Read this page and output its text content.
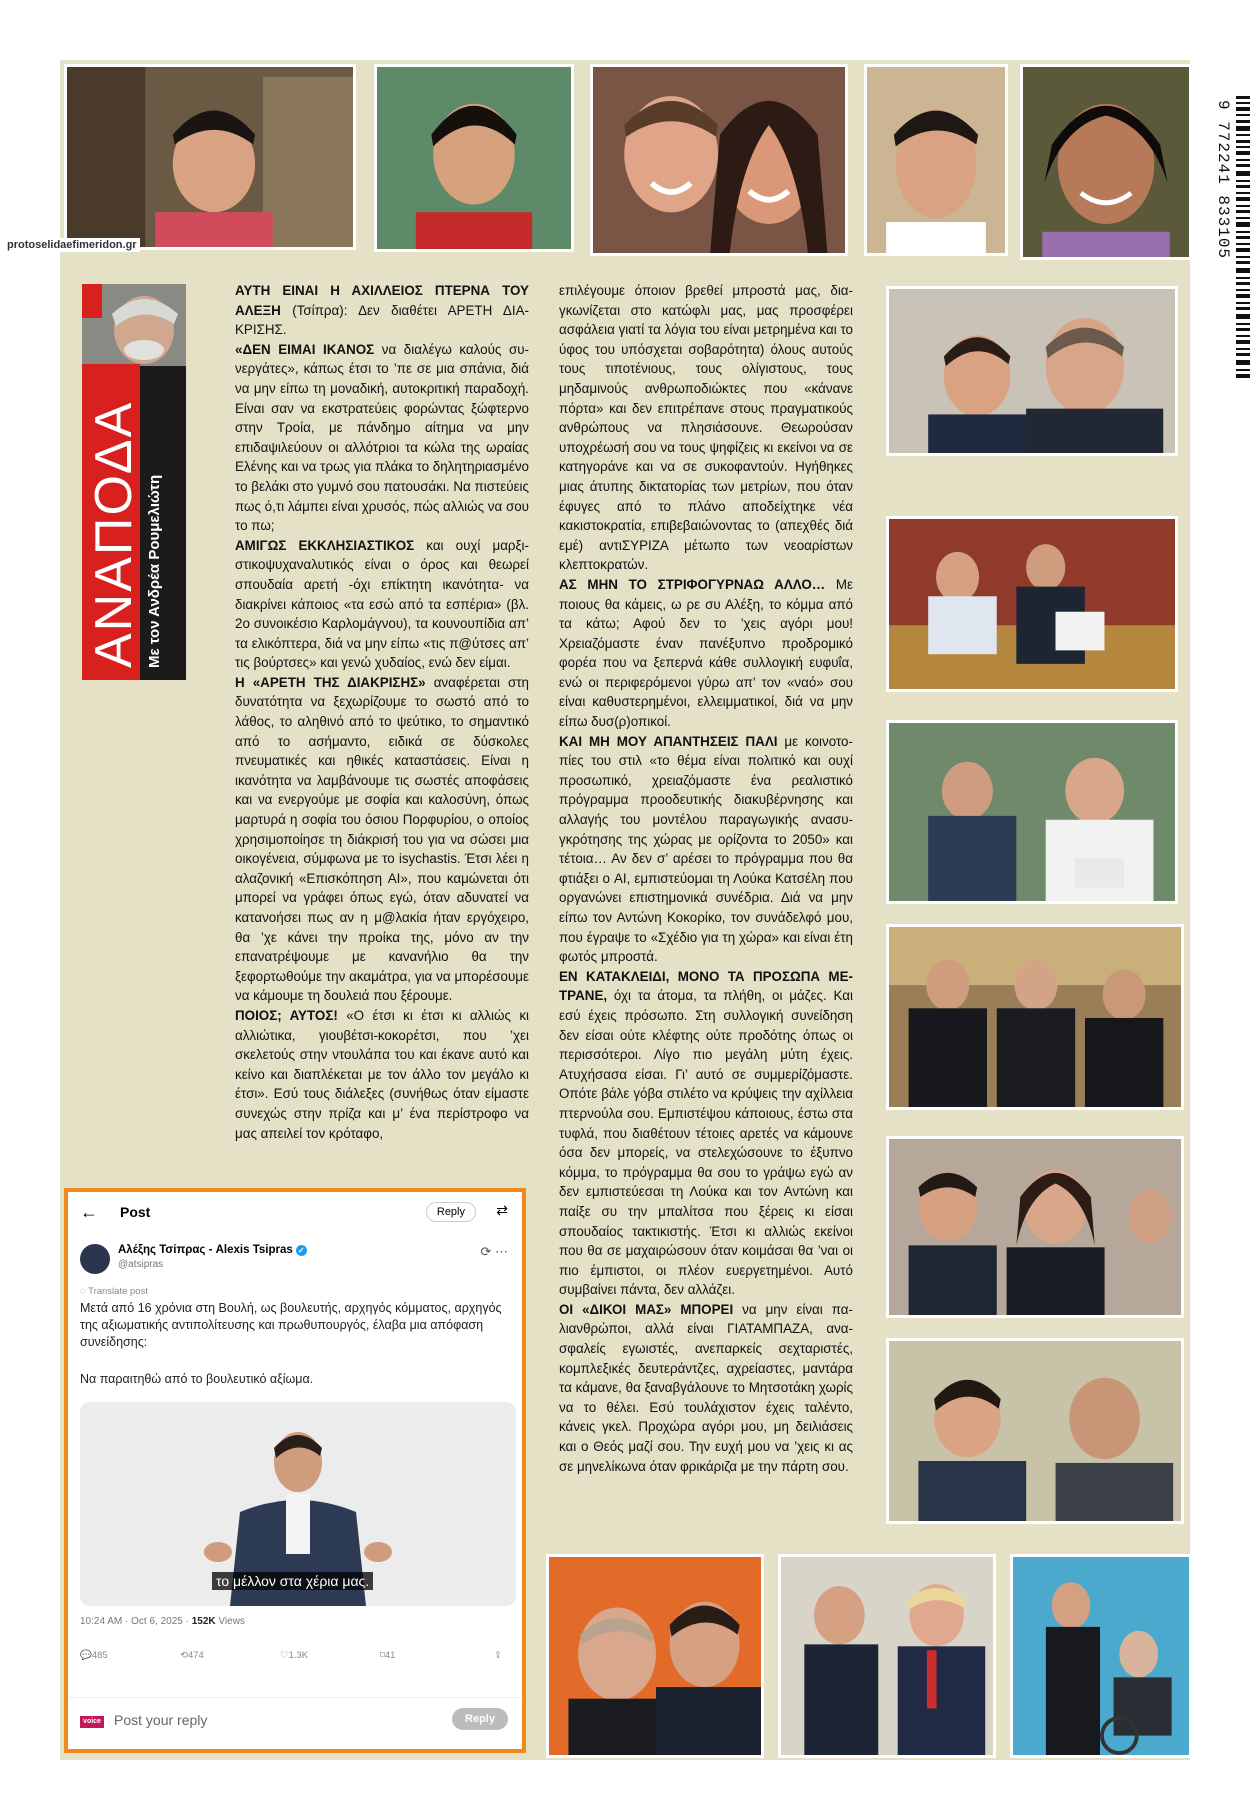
protoselidaefimeridon.gr	9 772241 833105
ΑΝΑΠΟΔΑ Με τον Ανδρέα Ρουμελιώτη

ΑΥΤΗ ΕΙΝΑΙ Η ΑΧΙΛΛΕΙΟΣ ΠΤΕΡΝΑ ΤΟΥ ΑΛΕΞΗ (Τσίπρα): Δεν διαθέτει ΑΡΕΤΗ ΔΙΑΚΡΙΣΗΣ.

«ΔΕΝ ΕΙΜΑΙ ΙΚΑΝΟΣ να διαλέγω καλούς συνεργάτες», κάπως έτσι το ’πε σε μια σπάνια, διά να μην είπω τη μοναδική, αυτοκριτική παραδοχή. Είναι σαν να εκστρατεύεις φορώντας ξώφτερνο στην Τροία, με πάνδημο αίτημα να μην επιδαψιλεύουν οι αλλότριοι τα κώλα της ωραίας Ελένης και να τρως για πλάκα το δηλητηριασμένο το βελάκι στο γυμνό σου πατουσάκι. Να πιστεύεις πως ό,τι λάμπει είναι χρυσός, πώς αλλιώς να σου το πω;

ΑΜΙΓΩΣ ΕΚΚΛΗΣΙΑΣΤΙΚΟΣ και ουχί μαρξιστικοψυχαναλυτικός είναι ο όρος και θεωρεί σπουδαία αρετή -όχι επίκτητη ικανότητα- να διακρίνει κάποιος «τα εσώ από τα εσπέρια» (βλ. 2ο συνοικέσιο Καρλομάγνου), τα κουνουπίδια απ’ τα ελικόπτερα, διά να μην είπω «τις π@ύτσες απ’ τις βούρτσες» και γενώ χυδαίος, ενώ δεν είμαι.

Η «ΑΡΕΤΗ ΤΗΣ ΔΙΑΚΡΙΣΗΣ» αναφέρεται στη δυνατότητα να ξεχωρίζουμε το σωστό από το λάθος, το αληθινό από το ψεύτικο, το σημαντικό από το ασήμαντο, ειδικά σε δύσκολες πνευματικές και ηθικές καταστάσεις. Είναι η ικανότητα να λαμβάνουμε τις σωστές αποφάσεις και να ενεργούμε με σοφία και καλοσύνη, όπως μαρτυρά η σοφία του όσιου Πορφυρίου, ο οποίος χρησιμοποίησε τη διάκρισή του για να σώσει μια οικογένεια, σύμφωνα με το isychastis. Έτσι λέει η αλαζονική «Επισκόπηση AI», που καμώνεται ότι μπορεί να γράφει όπως εγώ, όταν αδυνατεί να κατανοήσει πως αν η μ@λακία ήταν εργόχειρο, θα ’χε κάνει την προίκα της, μόνο αν την επανατρέψουμε με κανανήλιο θα την ξεφορτωθούμε την ακαμάτρα, για να μπορέσουμε να κάμουμε τη δουλειά που ξέρουμε.

ΠΟΙΟΣ; ΑΥΤΟΣ! «Ο έτσι κι έτσι κι αλλιώς κι αλλιώτικα, γιουβέτσι-κοκορέτσι, που ’χει σκελετούς στην ντουλάπα του και έκανε αυτό και κείνο και διαπλέκεται με τον άλλο τον μεγάλο κι έτσι». Εσύ τους διάλεξες (συνήθως όταν είμαστε συνεχώς στην πρίζα και μ’ ένα περίστροφο να μας απειλεί τον κρόταφο,

επιλέγουμε όποιον βρεθεί μπροστά μας, διαγκωνίζεται στο κατώφλι μας, μας προσφέρει ασφάλεια γιατί τα λόγια του είναι μετρημένα και το ύφος του υπόσχεται σοβαρότητα) όλους αυτούς τους τιποτένιους, τους ολίγιστους, τους μηδαμινούς ανθρωποδιώκτες που «κάνανε πόρτα» και δεν επιτρέπανε στους πραγματικούς ανθρώπους να πλησιάσουνε. Θεωρούσαν υποχρέωσή σου να τους ψηφίζεις κι εκείνοι να σε κατηγοράνε και να σε συκοφαντούν. Ηγήθηκες μιας άτυπης δικτατορίας των μετρίων, που όταν έφυγες από το πλάνο αποδείχτηκε νέα κακιστοκρατία, επιβεβαιώνοντας το (απεχθές διά εμέ) αντιΣΥΡΙΖΑ μέτωπο των νεοαρίστων κλεπτοκρατών.

ΑΣ ΜΗΝ ΤΟ ΣΤΡΙΦΟΓΥΡΝΑΩ ΑΛΛΟ… Με ποιους θα κάμεις, ω ρε συ Αλέξη, το κόμμα από τα κάτω; Αφού δεν το ’χεις αγόρι μου! Χρειαζόμαστε έναν πανέξυπνο προδρομικό φορέα που να ξεπερνά κάθε συλλογική ευφυΐα, ενώ οι περιφερόμενοι γύρω απ’ τον «ναό» σου είναι καθυστερημένοι, ελλειμματικοί, διά να μην είπω δυσ(ρ)οπικοί.

ΚΑΙ ΜΗ ΜΟΥ ΑΠΑΝΤΗΣΕΙΣ ΠΑΛΙ με κοινοτοπίες του στιλ «το θέμα είναι πολιτικό και ουχί προσωπικό, χρειαζόμαστε ένα ρεαλιστικό πρόγραμμα προοδευτικής διακυβέρνησης και αλλαγής του μοντέλου παραγωγικής ανασυγκρότησης της χώρας με ορίζοντα το 2050» και τέτοια… Αν δεν σ’ αρέσει το πρόγραμμα που θα φτιάξει ο AI, εμπιστεύομαι τη Λούκα Κατσέλη που οργανώνει επιστημονικά συνέδρια. Διά να μην είπω τον Αντώνη Κοκορίκο, τον συνάδελφό μου, που έγραψε το «Σχέδιο για τη χώρα» και είναι έτη φωτός μπροστά.

ΕΝ ΚΑΤΑΚΛΕΙΔΙ, ΜΟΝΟ ΤΑ ΠΡΟΣΩΠΑ ΜΕΤΡΑΝΕ, όχι τα άτομα, τα πλήθη, οι μάζες. Και εσύ έχεις πρόσωπο. Στη συλλογική συνείδηση δεν είσαι ούτε κλέφτης ούτε προδότης όπως οι περισσότεροι. Λίγο πιο μεγάλη μύτη έχεις. Ατυχήσασα είσαι. Γι’ αυτό σε συμμερίζόμαστε. Οπότε βάλε γόβα στιλέτο να κρύψεις την αχίλλεια πτερνούλα σου. Εμπιστέψου κάποιους, έστω στα τυφλά, που διαθέτουν τέτοιες αρετές να κάμουνε όσα δεν μπορείς, να στελεχώσουνε το έξυπνο κόμμα, το πρόγραμμα θα σου το γράψω εγώ αν δεν εμπιστεύεσαι τη Λούκα και τον Αντώνη και παίξε συ την μπαλίτσα που ξέρεις κι είσαι σπουδαίος τακτικιστής. Έτσι κι αλλιώς εκείνοι που θα σε μαχαιρώσουν όταν κοιμάσαι θα ’ναι οι πιο έμπιστοι, οι πλέον ευεργετημένοι. Αυτό συμβαίνει πάντα, δεν αλλάζει.

ΟΙ «ΔΙΚΟΙ ΜΑΣ» ΜΠΟΡΕΙ να μην είναι παλιανθρώποι, αλλά είναι ΓΙΑΤΑΜΠΑΖΑ, ανασφαλείς εγωιστές, ανεπαρκείς σεχταριστές, κομπλεξικές δευτεράντζες, αχρείαστες, μαντάρα τα κάμανε, θα ξαναβγάλουνε το Μητσοτάκη χωρίς να το θέλει. Εσύ τουλάχιστον έχεις ταλέντο, κάνεις γκελ. Προχώρα αγόρι μου, μη δειλιάσεις και ο Θεός μαζί σου. Την ευχή μου να ’χεις κι ας σε μηνελίκωνα όταν φρικάριζα με την πάρτη σου.

← Post	Reply	⇄
Αλέξης Τσίπρας - Alexis Tsipras ✓
@atsipras
⟳ ⋯
◌ Translate post
Μετά από 16 χρόνια στη Βουλή, ως βουλευτής, αρχηγός κόμματος, αρχηγός της αξιωματικής αντιπολίτευσης και πρωθυπουργός, έλαβα μια απόφαση συνείδησης:
Να παραιτηθώ από το βουλευτικό αξίωμα.
το μέλλον στα χέρια μας.
10:24 AM · Oct 6, 2025 · 152K Views
💬 485	⟲ 474	♡ 1.3K	⌑ 41	⇪
voice Post your reply	Reply
